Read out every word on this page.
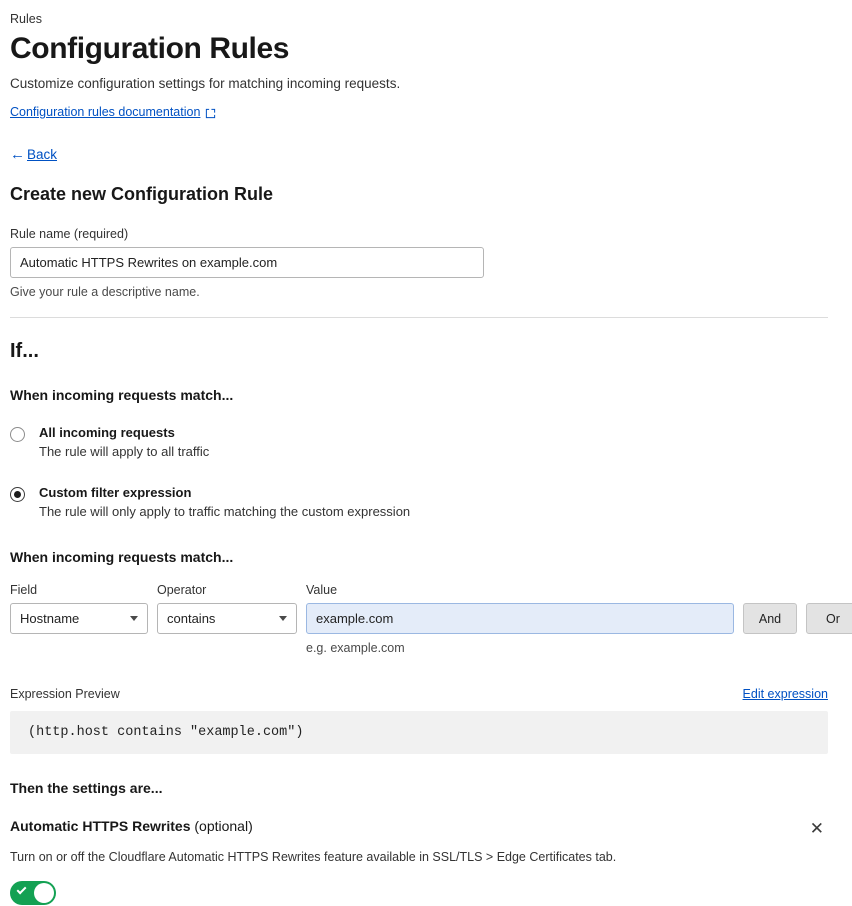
Rules
Configuration Rules

Customize configuration settings for matching incoming requests.

Configuration rules documentation
← Back
Create new Configuration Rule
Rule name (required)
Automatic HTTPS Rewrites on example.com
Give your rule a descriptive name.
If...
When incoming requests match...
All incoming requests
The rule will apply to all traffic
Custom filter expression
The rule will only apply to traffic matching the custom expression
When incoming requests match...
Field
Hostname
Operator
contains
Value
example.com
e.g. example.com

And
	Or
Expression Preview	Edit expression
(http.host contains "example.com")
Then the settings are...
Automatic HTTPS Rewrites (optional)	✕
Turn on or off the Cloudflare Automatic HTTPS Rewrites feature available in SSL/TLS > Edge Certificates tab.
